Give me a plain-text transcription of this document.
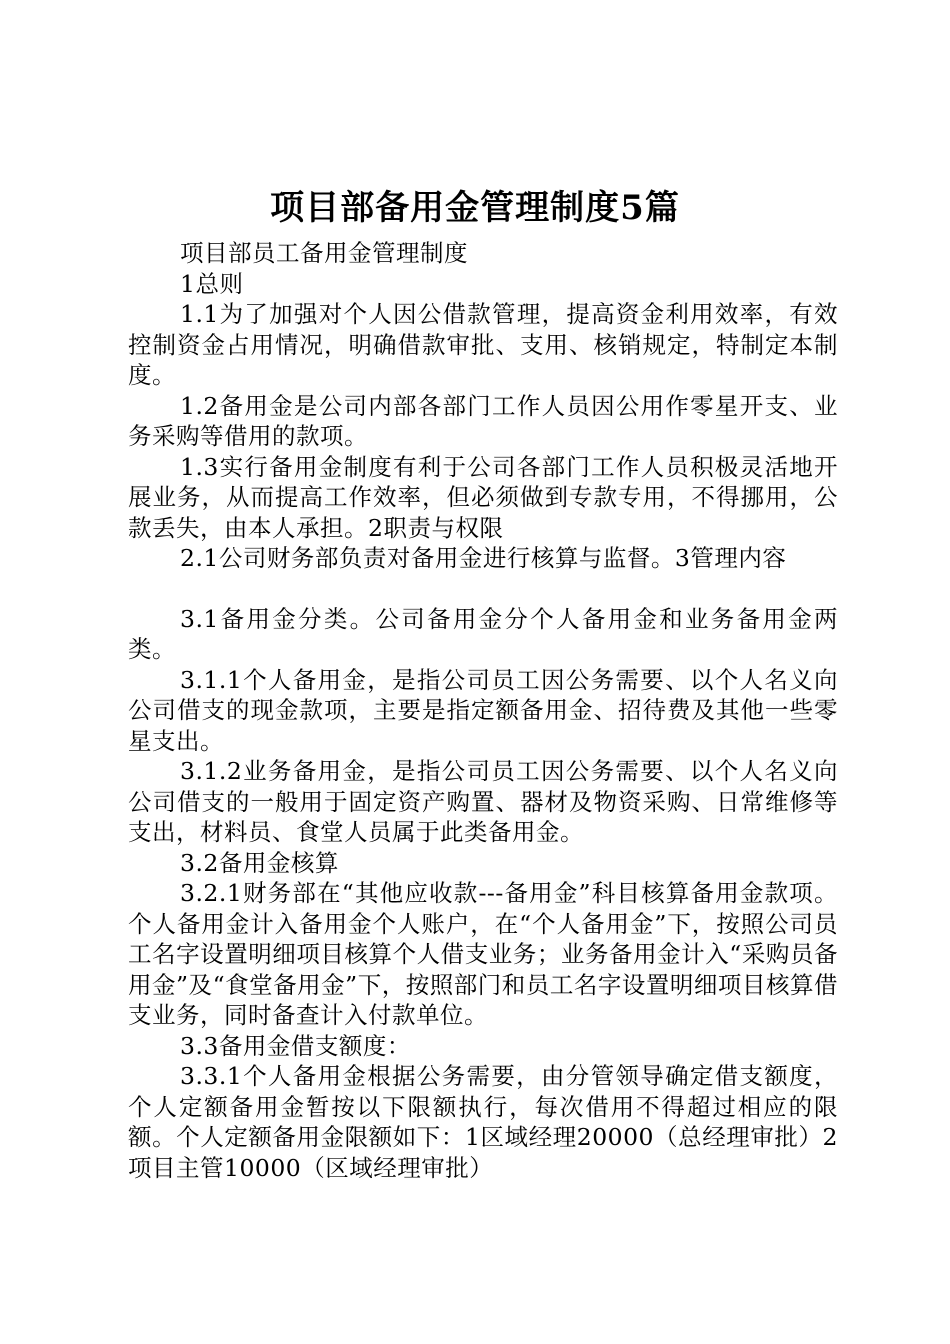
项目部备用金管理制度5篇

项目部员工备用金管理制度

1总则

1.1为了加强对个人因公借款管理，提高资金利用效率，有效控制资金占用情况，明确借款审批、支用、核销规定，特制定本制度。

1.2备用金是公司内部各部门工作人员因公用作零星开支、业务采购等借用的款项。

1.3实行备用金制度有利于公司各部门工作人员积极灵活地开展业务，从而提高工作效率，但必须做到专款专用，不得挪用，公款丢失，由本人承担。2职责与权限

2.1公司财务部负责对备用金进行核算与监督。3管理内容

3.1备用金分类。公司备用金分个人备用金和业务备用金两类。

3.1.1个人备用金，是指公司员工因公务需要、以个人名义向公司借支的现金款项，主要是指定额备用金、招待费及其他一些零星支出。

3.1.2业务备用金，是指公司员工因公务需要、以个人名义向公司借支的一般用于固定资产购置、器材及物资采购、日常维修等支出，材料员、食堂人员属于此类备用金。

3.2备用金核算

3.2.1财务部在“其他应收款---备用金”科目核算备用金款项。个人备用金计入备用金个人账户，在“个人备用金”下，按照公司员工名字设置明细项目核算个人借支业务；业务备用金计入“采购员备用金”及“食堂备用金”下，按照部门和员工名字设置明细项目核算借支业务，同时备查计入付款单位。

3.3备用金借支额度：

3.3.1个人备用金根据公务需要，由分管领导确定借支额度，个人定额备用金暂按以下限额执行，每次借用不得超过相应的限额。个人定额备用金限额如下：1区域经理20000（总经理审批）2项目主管10000（区域经理审批）
